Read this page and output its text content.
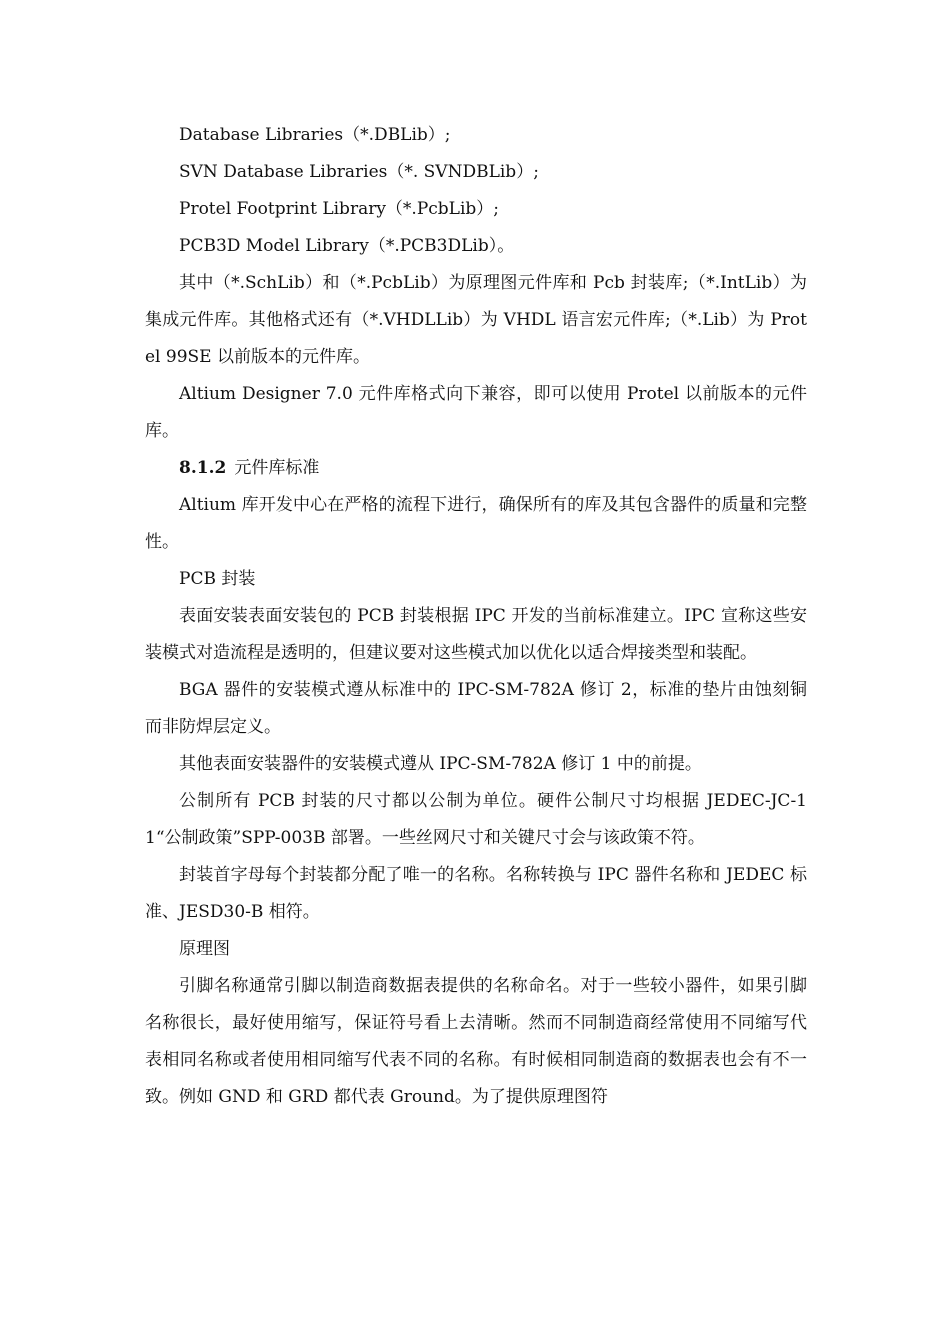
Database Libraries（*.DBLib）;

SVN Database Libraries（*. SVNDBLib）;

Protel Footprint Library（*.PcbLib）;

PCB3D Model Library（*.PCB3DLib）。

其中（*.SchLib）和（*.PcbLib）为原理图元件库和 Pcb 封装库;（*.IntLib）为集成元件库。其他格式还有（*.VHDLLib）为 VHDL 语言宏元件库;（*.Lib）为 Protel 99SE 以前版本的元件库。

Altium Designer 7.0 元件库格式向下兼容，即可以使用 Protel 以前版本的元件库。

8.1.2 元件库标准

Altium 库开发中心在严格的流程下进行，确保所有的库及其包含器件的质量和完整性。

PCB 封装

表面安装表面安装包的 PCB 封装根据 IPC 开发的当前标准建立。IPC 宣称这些安装模式对造流程是透明的，但建议要对这些模式加以优化以适合焊接类型和装配。

BGA 器件的安装模式遵从标准中的 IPC-SM-782A 修订 2，标准的垫片由蚀刻铜而非防焊层定义。

其他表面安装器件的安装模式遵从 IPC-SM-782A 修订 1 中的前提。

公制所有 PCB 封装的尺寸都以公制为单位。硬件公制尺寸均根据 JEDEC-JC-11“公制政策”SPP-003B 部署。一些丝网尺寸和关键尺寸会与该政策不符。

封装首字母每个封装都分配了唯一的名称。名称转换与 IPC 器件名称和 JEDEC 标准、JESD30-B 相符。

原理图

引脚名称通常引脚以制造商数据表提供的名称命名。对于一些较小器件，如果引脚名称很长，最好使用缩写，保证符号看上去清晰。然而不同制造商经常使用不同缩写代表相同名称或者使用相同缩写代表不同的名称。有时候相同制造商的数据表也会有不一致。例如 GND 和 GRD 都代表 Ground。为了提供原理图符
